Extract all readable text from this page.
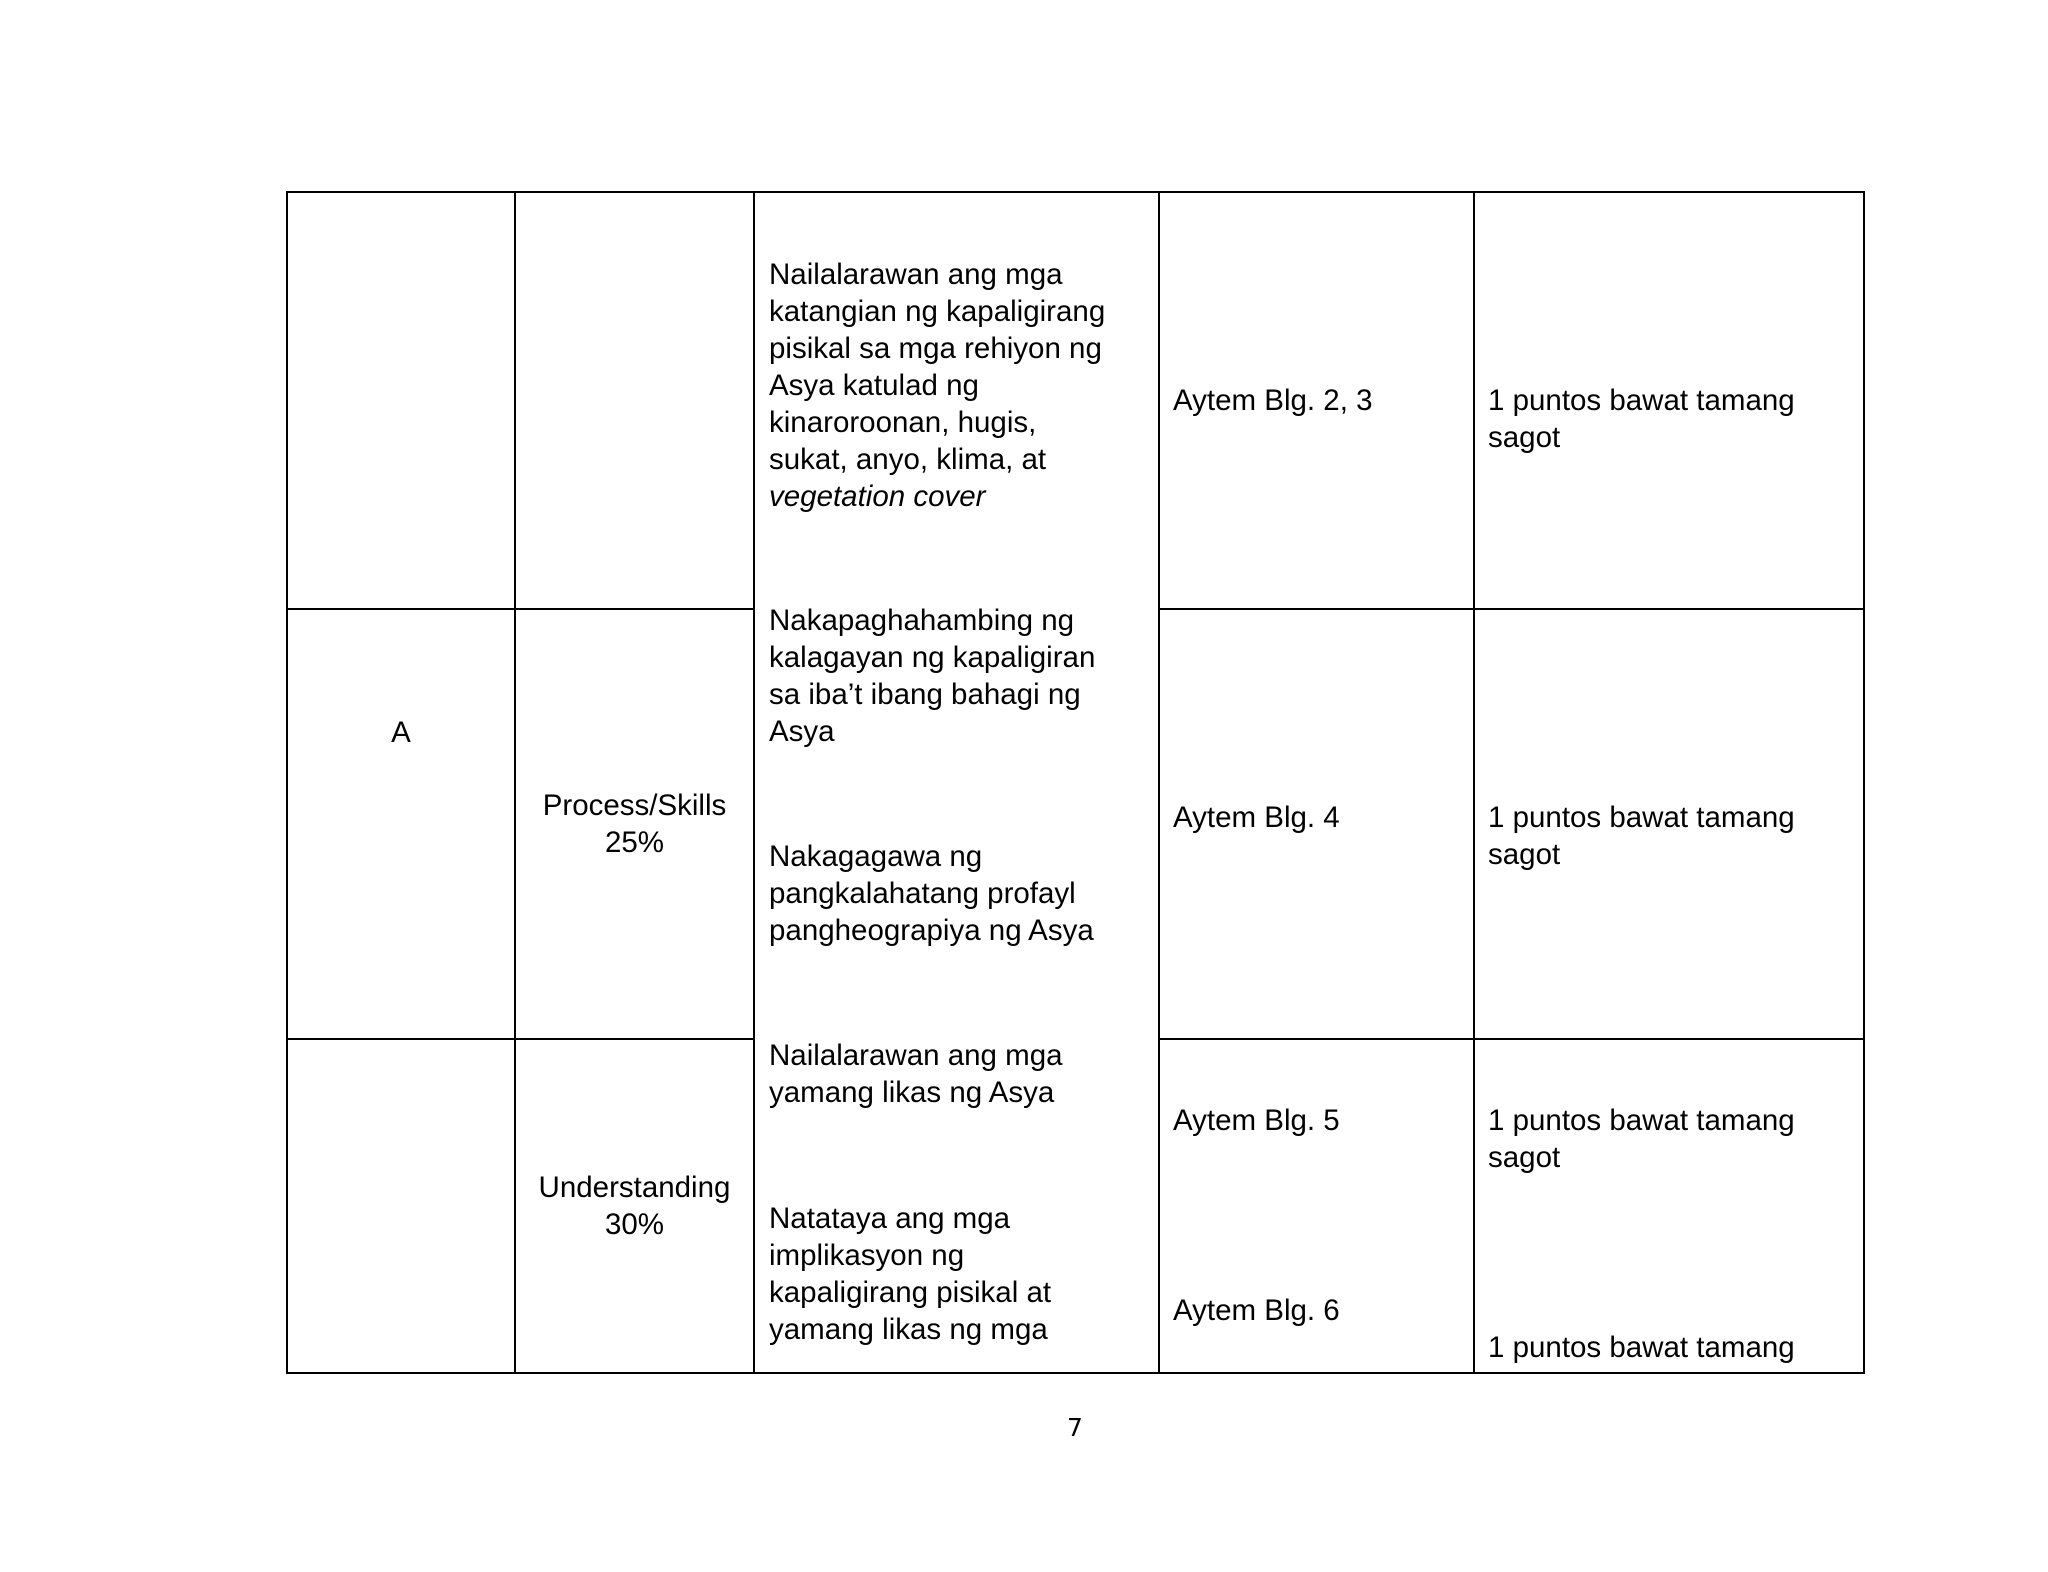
Nailalarawan ang mga
katangian ng kapaligirang
pisikal sa mga rehiyon ng
Asya katulad ng
kinaroroonan, hugis,
sukat, anyo, klima, at
vegetation cover
Aytem Blg. 2, 3	1 puntos bawat tamang
sagot
A
Process/Skills
25%
Nakapaghahambing ng
kalagayan ng kapaligiran
sa iba’t ibang bahagi ng
Asya
Nakagagawa ng
pangkalahatang profayl
pangheograpiya ng Asya
Aytem Blg. 4	1 puntos bawat tamang
sagot
Understanding
30%
Nailalarawan ang mga
yamang likas ng Asya
Natataya ang mga
implikasyon ng
kapaligirang pisikal at
yamang likas ng mga
Aytem Blg. 5
Aytem Blg. 6
1 puntos bawat tamang
sagot
1 puntos bawat tamang
7
